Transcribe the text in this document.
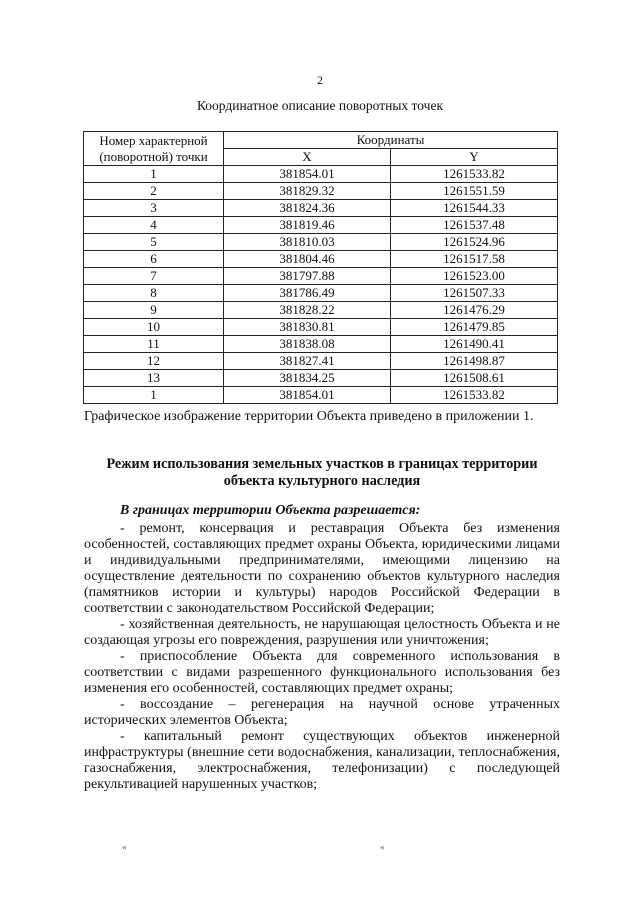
2
Координатное описание поворотных точек
Номер характерной (поворотной) точки	Координаты	
	X	Y
1	381854.01	1261533.82
2	381829.32	1261551.59
3	381824.36	1261544.33
4	381819.46	1261537.48
5	381810.03	1261524.96
6	381804.46	1261517.58
7	381797.88	1261523.00
8	381786.49	1261507.33
9	381828.22	1261476.29
10	381830.81	1261479.85
11	381838.08	1261490.41
12	381827.41	1261498.87
13	381834.25	1261508.61
1	381854.01	1261533.82
Графическое изображение территории Объекта приведено в приложении 1.
Режим использования земельных участков в границах территории объекта культурного наследия
В границах территории Объекта разрешается:

- ремонт, консервация и реставрация Объекта без изменения особенностей, составляющих предмет охраны Объекта, юридическими лицами и индивидуальными предпринимателями, имеющими лицензию на осуществление деятельности по сохранению объектов культурного наследия (памятников истории и культуры) народов Российской Федерации в соответствии с законодательством Российской Федерации;

- хозяйственная деятельность, не нарушающая целостность Объекта и не создающая угрозы его повреждения, разрушения или уничтожения;

- приспособление Объекта для современного использования в соответствии с видами разрешенного функционального использования без изменения его особенностей, составляющих предмет охраны;

- воссоздание – регенерация на научной основе утраченных исторических элементов Объекта;

- капитальный ремонт существующих объектов инженерной инфраструктуры (внешние сети водоснабжения, канализации, теплоснабжения, газоснабжения, электроснабжения, телефонизации) с последующей рекультивацией нарушенных участков;

«	«
